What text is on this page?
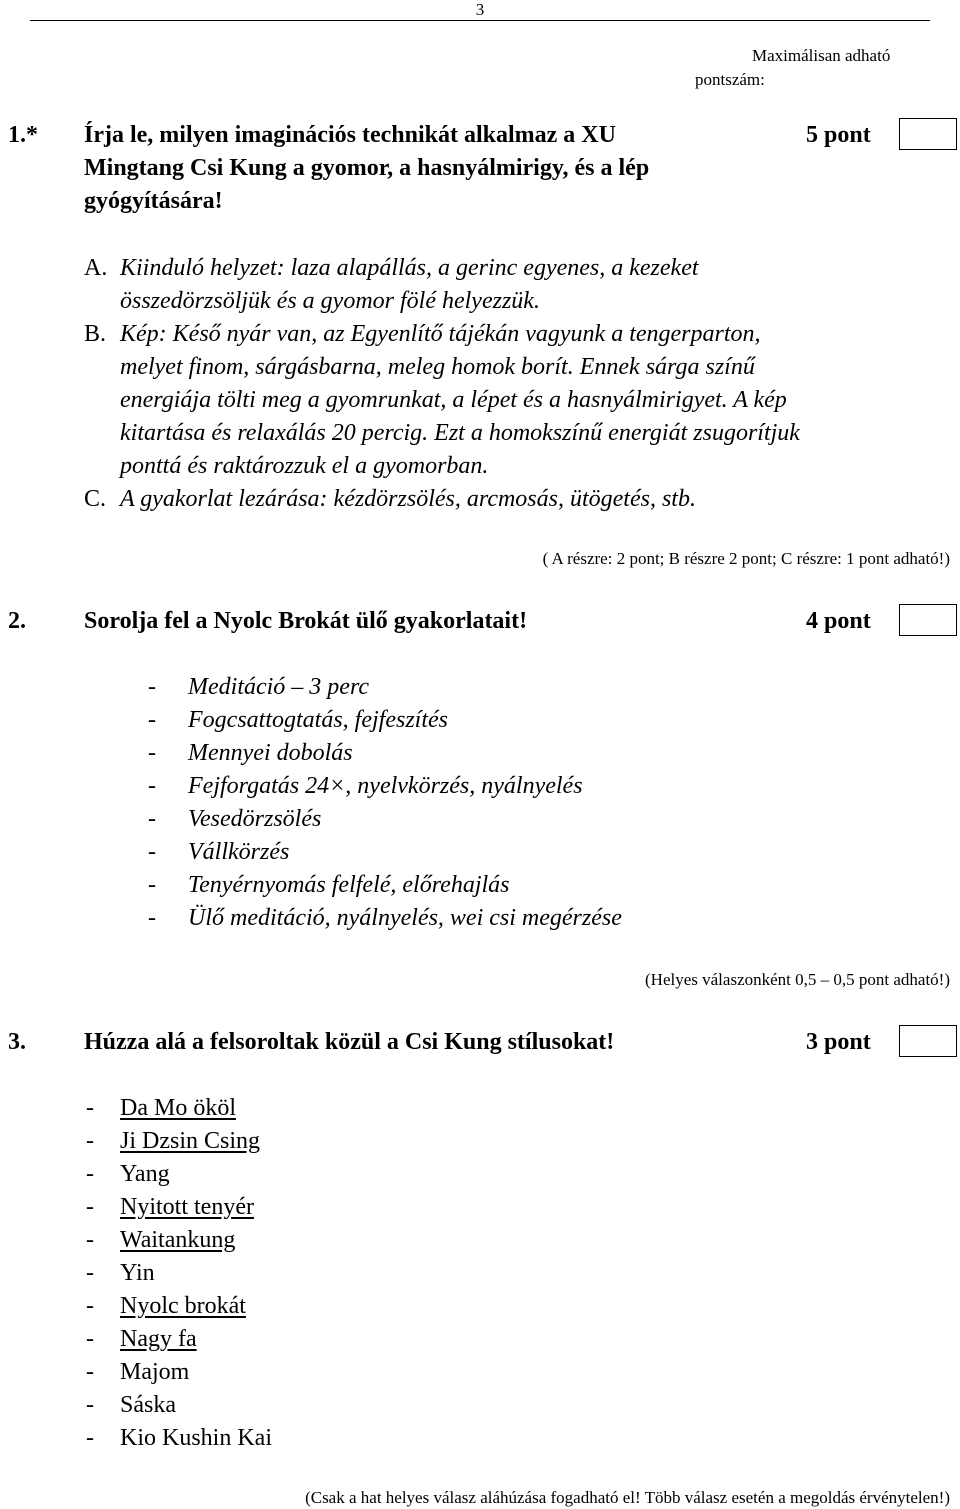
3
Maximálisan adható
pontszám:
1.* Írja le, milyen imaginációs technikát alkalmaz a XU
Mingtang Csi Kung a gyomor, a hasnyálmirigy, és a lép
gyógyítására!
5 pont
A. Kiinduló helyzet: laza alapállás, a gerinc egyenes, a kezeket
összedörzsöljük és a gyomor fölé helyezzük.
B. Kép: Késő nyár van, az Egyenlítő tájékán vagyunk a tengerparton,
melyet finom, sárgásbarna, meleg homok borít. Ennek sárga színű
energiája tölti meg a gyomrunkat, a lépet és a hasnyálmirigyet. A kép
kitartása és relaxálás 20 percig. Ezt a homokszínű energiát zsugorítjuk
ponttá és raktározzuk el a gyomorban.
C. A gyakorlat lezárása: kézdörzsölés, arcmosás, ütögetés, stb.
( A részre: 2 pont; B részre 2 pont; C részre: 1 pont adható!)
2. Sorolja fel a Nyolc Brokát ülő gyakorlatait!	4 pont
- Meditáció – 3 perc
- Fogcsattogtatás, fejfeszítés
- Mennyei dobolás
- Fejforgatás 24×, nyelvkörzés, nyálnyelés
- Vesedörzsölés
- Vállkörzés
- Tenyérnyomás felfelé, előrehajlás
- Ülő meditáció, nyálnyelés, wei csi megérzése
(Helyes válaszonként 0,5 – 0,5 pont adható!)
3. Húzza alá a felsoroltak közül a Csi Kung stílusokat!	3 pont
- Da Mo ököl
- Ji Dzsin Csing
- Yang
- Nyitott tenyér
- Waitankung
- Yin
- Nyolc brokát
- Nagy fa
- Majom
- Sáska
- Kio Kushin Kai
(Csak a hat helyes válasz aláhúzása fogadható el! Több válasz esetén a megoldás érvénytelen!)
